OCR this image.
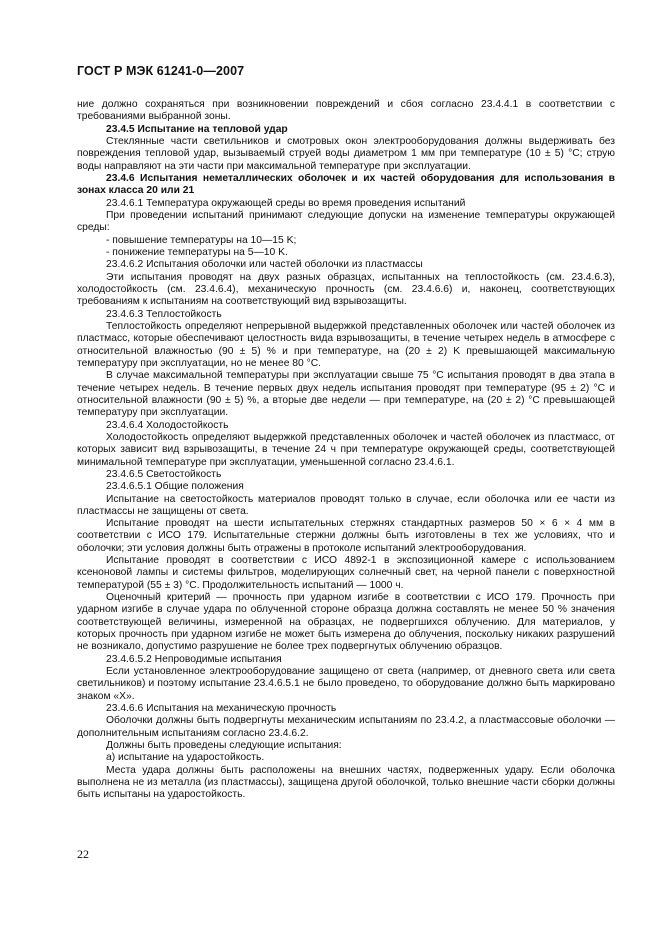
ГОСТ Р МЭК 61241-0—2007

ние должно сохраняться при возникновении повреждений и сбоя согласно 23.4.4.1 в соответствии с требованиями выбранной зоны.

23.4.5 Испытание на тепловой удар

Стеклянные части светильников и смотровых окон электрооборудования должны выдерживать без повреждения тепловой удар, вызываемый струей воды диаметром 1 мм при температуре (10 ± 5) °С; струю воды направляют на эти части при максимальной температуре при эксплуатации.

23.4.6 Испытания неметаллических оболочек и их частей оборудования для использования в зонах класса 20 или 21

23.4.6.1 Температура окружающей среды во время проведения испытаний

При проведении испытаний принимают следующие допуски на изменение температуры окружающей среды:

- повышение температуры на 10—15 K;

- понижение температуры на 5—10 K.

23.4.6.2 Испытания оболочки или частей оболочки из пластмассы

Эти испытания проводят на двух разных образцах, испытанных на теплостойкость (см. 23.4.6.3), холодостойкость (см. 23.4.6.4), механическую прочность (см. 23.4.6.6) и, наконец, соответствующих требованиям к испытаниям на соответствующий вид взрывозащиты.

23.4.6.3 Теплостойкость

Теплостойкость определяют непрерывной выдержкой представленных оболочек или частей оболочек из пластмасс, которые обеспечивают целостность вида взрывозащиты, в течение четырех недель в атмосфере с относительной влажностью (90 ± 5) % и при температуре, на (20 ± 2) K превышающей максимальную температуру при эксплуатации, но не менее 80 °С.

В случае максимальной температуры при эксплуатации свыше 75 °С испытания проводят в два этапа в течение четырех недель. В течение первых двух недель испытания проводят при температуре (95 ± 2) °С и относительной влажности (90 ± 5) %, а вторые две недели — при температуре, на (20 ± 2) °С превышающей температуру при эксплуатации.

23.4.6.4 Холодостойкость

Холодостойкость определяют выдержкой представленных оболочек и частей оболочек из пластмасс, от которых зависит вид взрывозащиты, в течение 24 ч при температуре окружающей среды, соответствующей минимальной температуре при эксплуатации, уменьшенной согласно 23.4.6.1.

23.4.6.5 Светостойкость

23.4.6.5.1 Общие положения

Испытание на светостойкость материалов проводят только в случае, если оболочка или ее части из пластмассы не защищены от света.

Испытание проводят на шести испытательных стержнях стандартных размеров 50 × 6 × 4 мм в соответствии с ИСО 179. Испытательные стержни должны быть изготовлены в тех же условиях, что и оболочки; эти условия должны быть отражены в протоколе испытаний электрооборудования.

Испытание проводят в соответствии с ИСО 4892-1 в экспозиционной камере с использованием ксеноновой лампы и системы фильтров, моделирующих солнечный свет, на черной панели с поверхностной температурой (55 ± 3) °С. Продолжительность испытаний — 1000 ч.

Оценочный критерий — прочность при ударном изгибе в соответствии с ИСО 179. Прочность при ударном изгибе в случае удара по облученной стороне образца должна составлять не менее 50 % значения соответствующей величины, измеренной на образцах, не подвергшихся облучению. Для материалов, у которых прочность при ударном изгибе не может быть измерена до облучения, поскольку никаких разрушений не возникало, допустимо разрушение не более трех подвергнутых облучению образцов.

23.4.6.5.2 Непроводимые испытания

Если установленное электрооборудование защищено от света (например, от дневного света или света светильников) и поэтому испытание 23.4.6.5.1 не было проведено, то оборудование должно быть маркировано знаком «X».

23.4.6.6 Испытания на механическую прочность

Оболочки должны быть подвергнуты механическим испытаниям по 23.4.2, а пластмассовые оболочки — дополнительным испытаниям согласно 23.4.6.2.

Должны быть проведены следующие испытания:

а) испытание на ударостойкость.

Места удара должны быть расположены на внешних частях, подверженных удару. Если оболочка выполнена не из металла (из пластмассы), защищена другой оболочкой, только внешние части сборки должны быть испытаны на ударостойкость.

22
